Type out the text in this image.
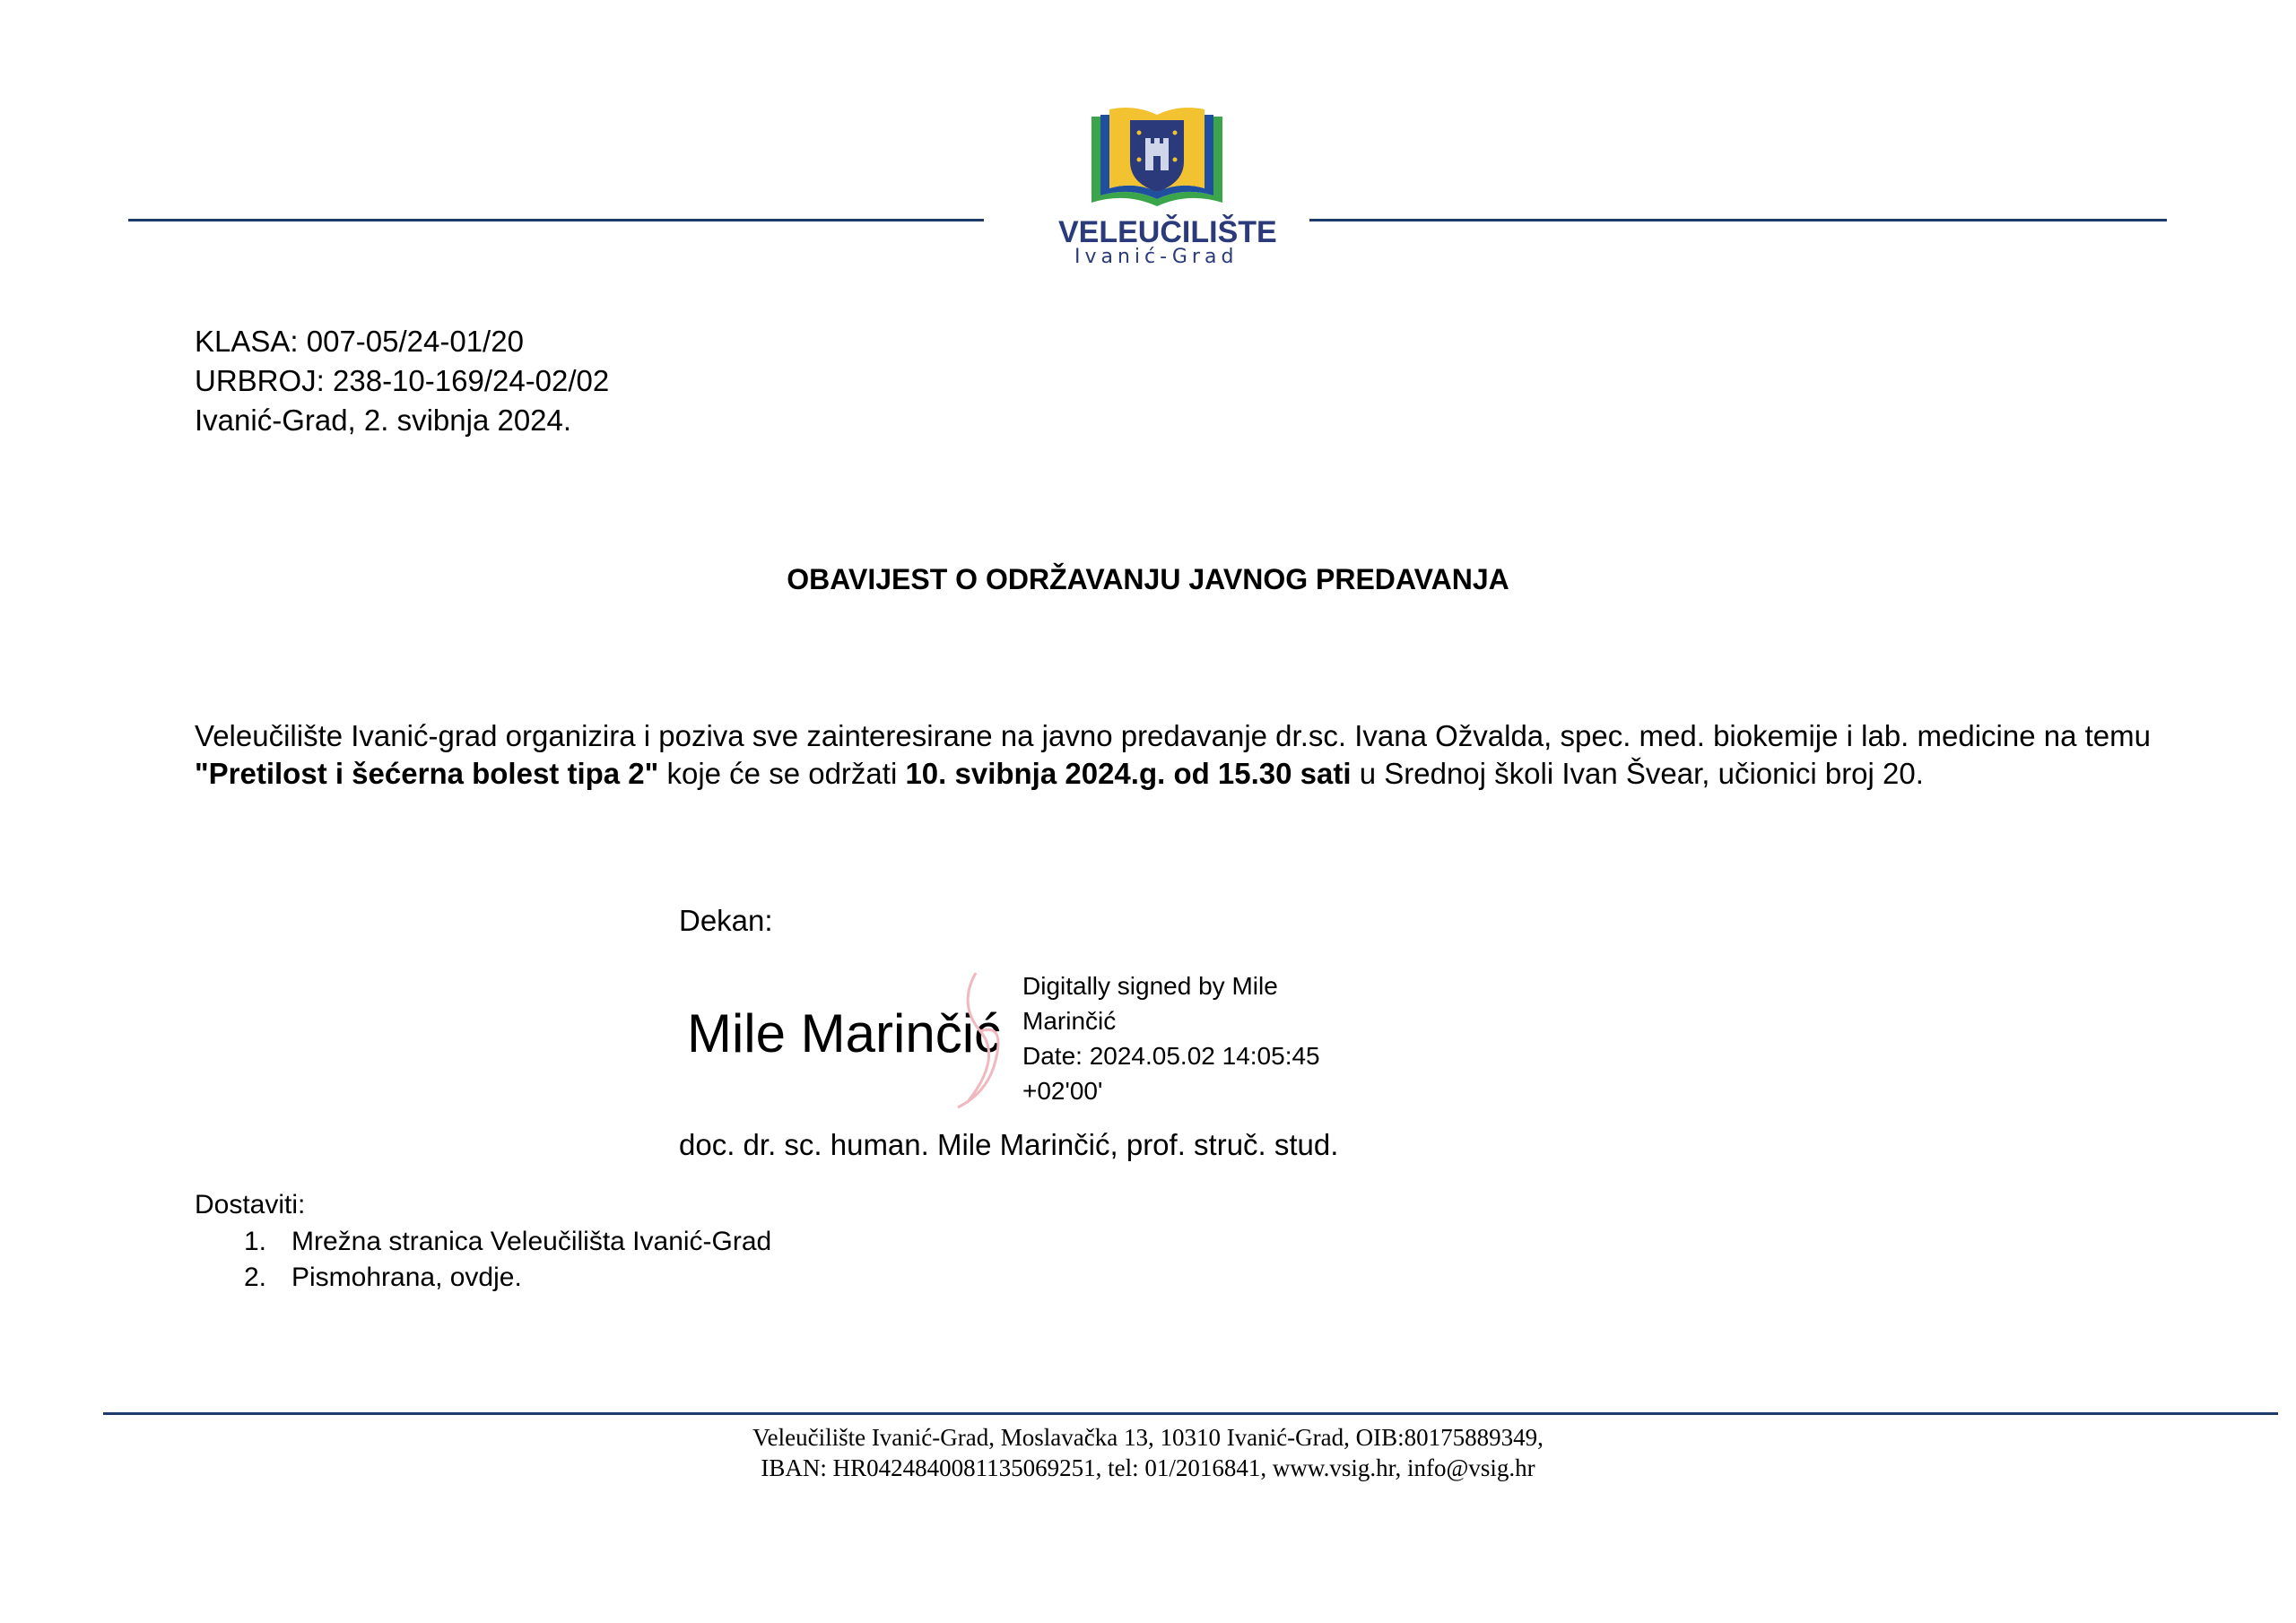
VELEUČILIŠTE
Ivanić-Grad
KLASA: 007-05/24-01/20
URBROJ: 238-10-169/24-02/02
Ivanić-Grad, 2. svibnja 2024.
OBAVIJEST O ODRŽAVANJU JAVNOG PREDAVANJA
Veleučilište Ivanić-grad organizira i poziva sve zainteresirane na javno predavanje dr.sc. Ivana Ožvalda, spec. med. biokemije i lab. medicine na temu "Pretilost i šećerna bolest tipa 2" koje će se održati 10. svibnja 2024.g. od 15.30 sati u Srednoj školi Ivan Švear, učionici broj 20.
Dekan:
Mile Marinčić
Digitally signed by Mile
Marinčić
Date: 2024.05.02 14:05:45
+02'00'
doc. dr. sc. human. Mile Marinčić, prof. struč. stud.
Dostaviti:
1. Mrežna stranica Veleučilišta Ivanić-Grad
2. Pismohrana, ovdje.
Veleučilište Ivanić-Grad, Moslavačka 13, 10310 Ivanić-Grad, OIB:80175889349,
IBAN: HR0424840081135069251, tel: 01/2016841, www.vsig.hr, info@vsig.hr
